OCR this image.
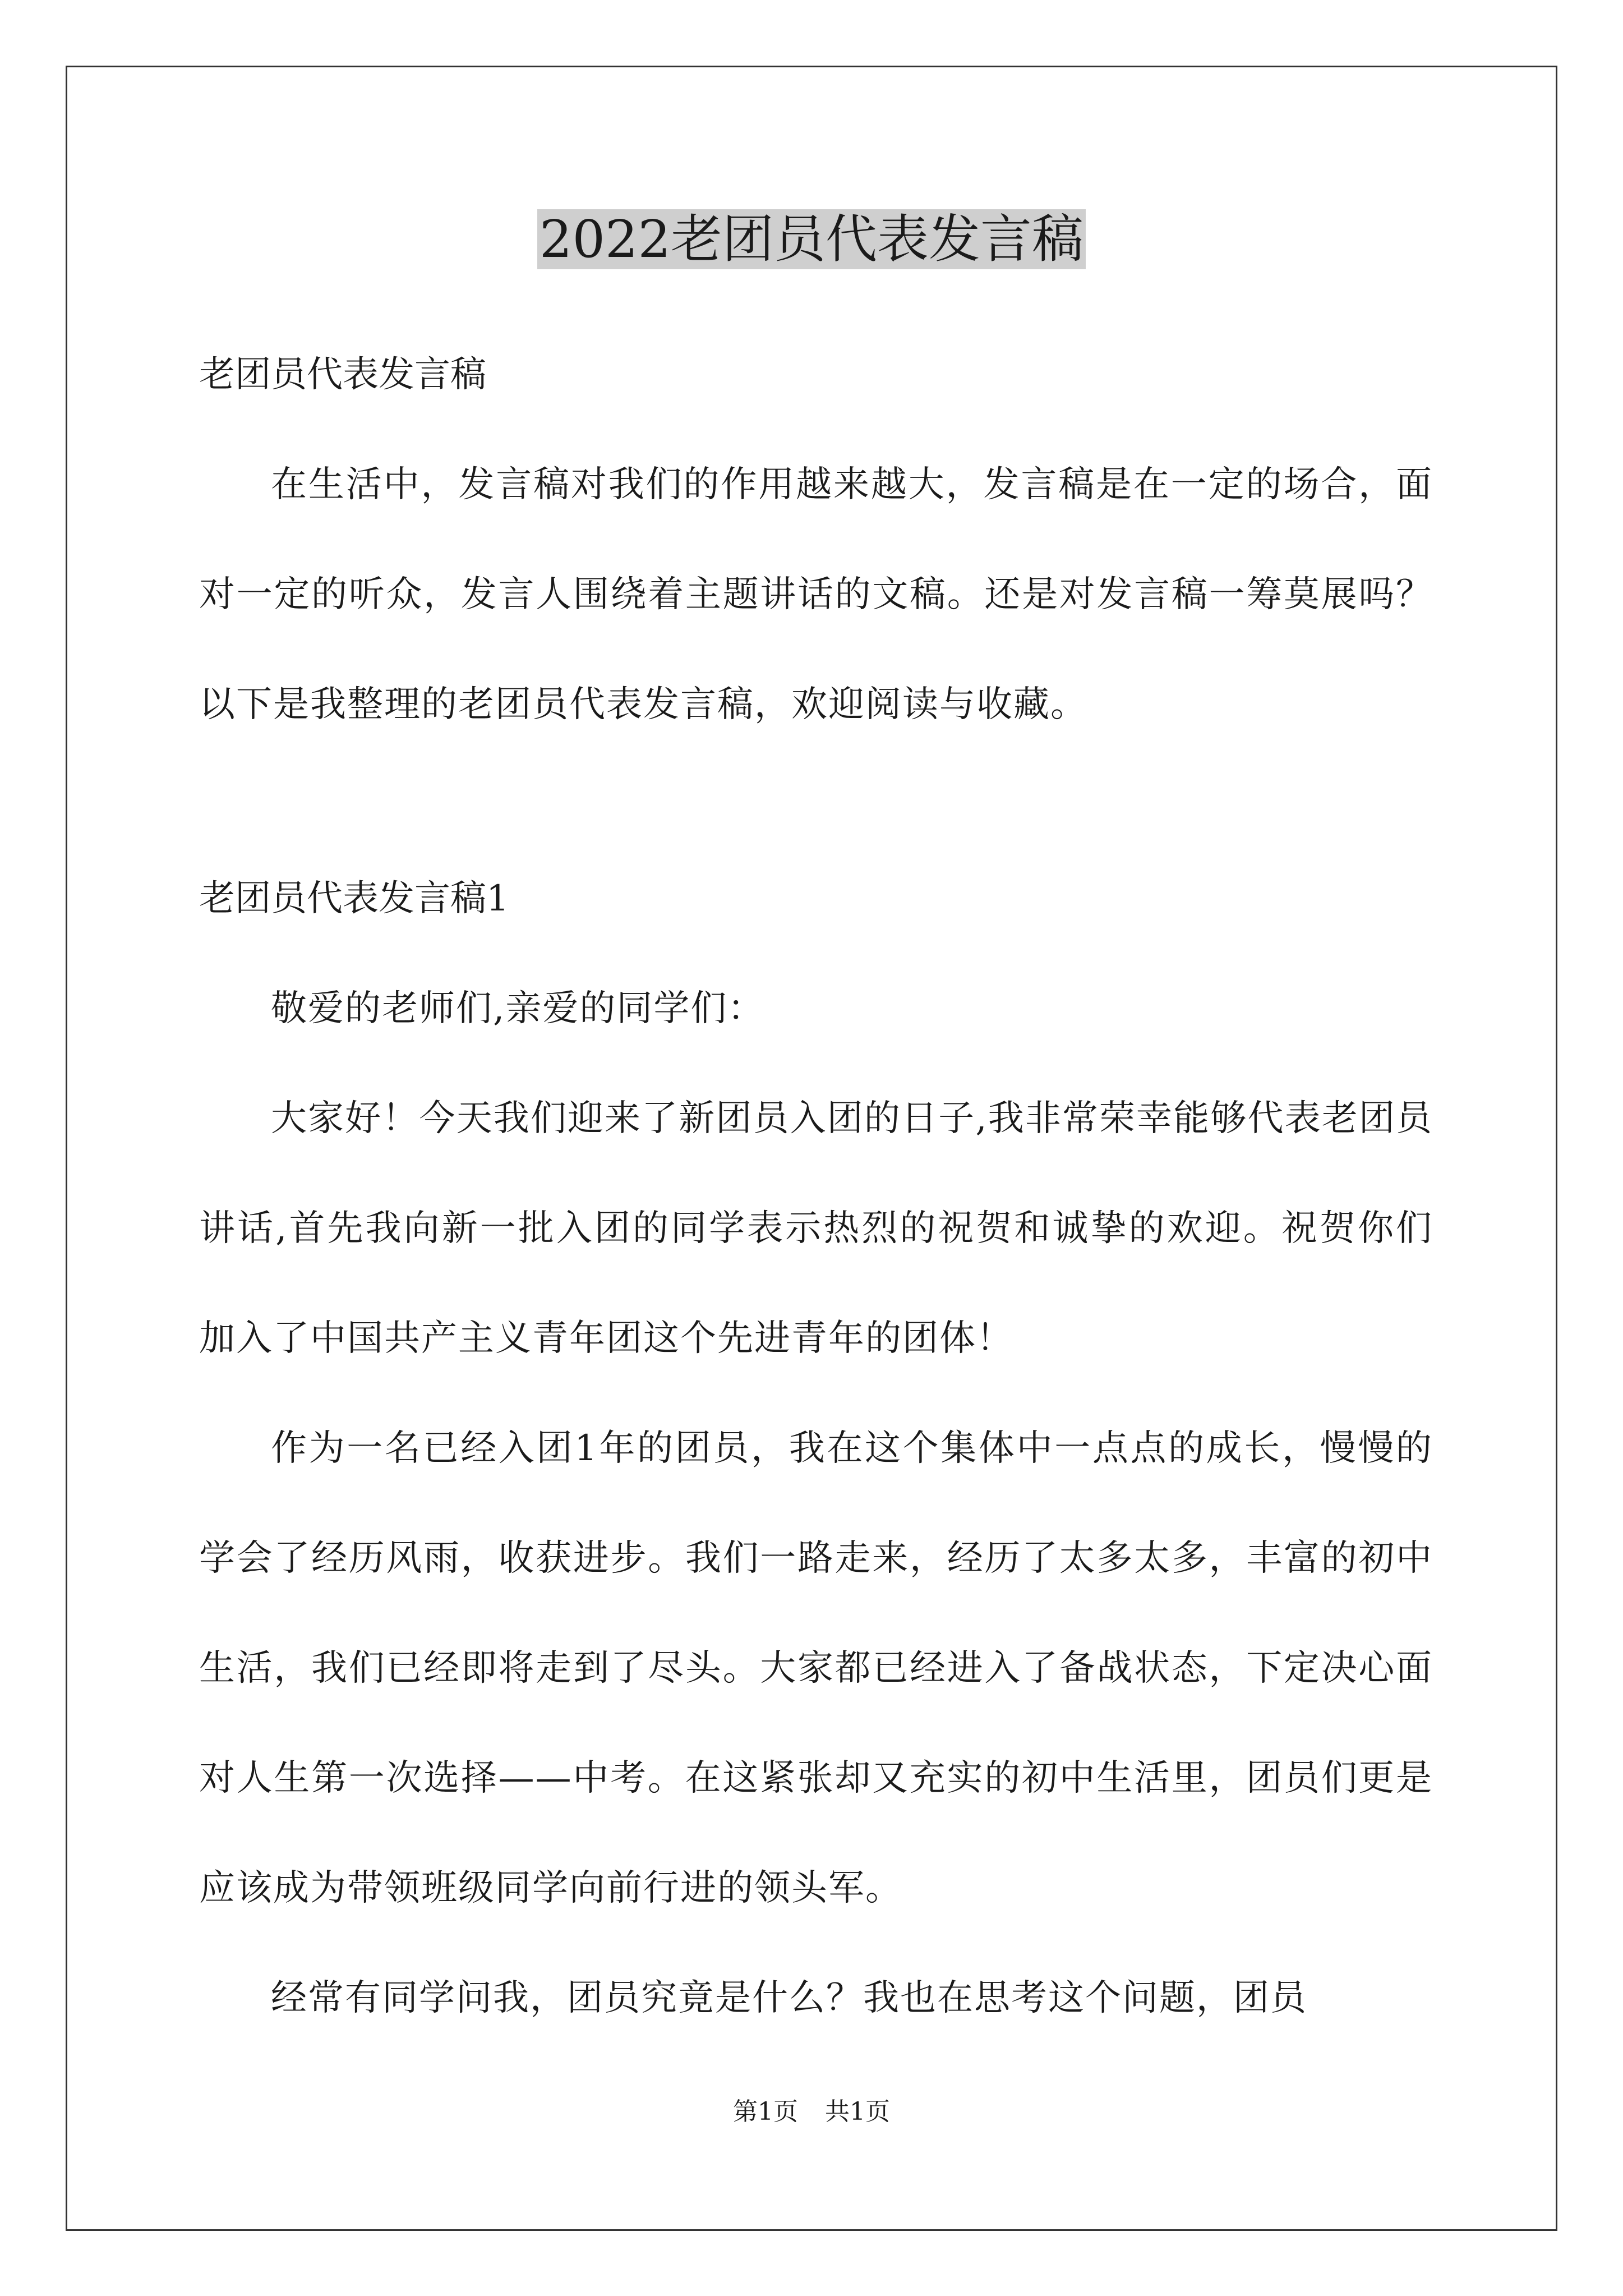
2022老团员代表发言稿

老团员代表发言稿

在生活中，发言稿对我们的作用越来越大，发言稿是在一定的场合，面对一定的听众，发言人围绕着主题讲话的文稿。还是对发言稿一筹莫展吗？以下是我整理的老团员代表发言稿，欢迎阅读与收藏。

老团员代表发言稿1

敬爱的老师们,亲爱的同学们：

大家好！今天我们迎来了新团员入团的日子,我非常荣幸能够代表老团员讲话,首先我向新一批入团的同学表示热烈的祝贺和诚挚的欢迎。祝贺你们加入了中国共产主义青年团这个先进青年的团体！

作为一名已经入团1年的团员，我在这个集体中一点点的成长，慢慢的学会了经历风雨，收获进步。我们一路走来，经历了太多太多，丰富的初中生活，我们已经即将走到了尽头。大家都已经进入了备战状态，下定决心面对人生第一次选择——中考。在这紧张却又充实的初中生活里，团员们更是应该成为带领班级同学向前行进的领头军。

经常有同学问我，团员究竟是什么？我也在思考这个问题，团员

第1页 共1页
